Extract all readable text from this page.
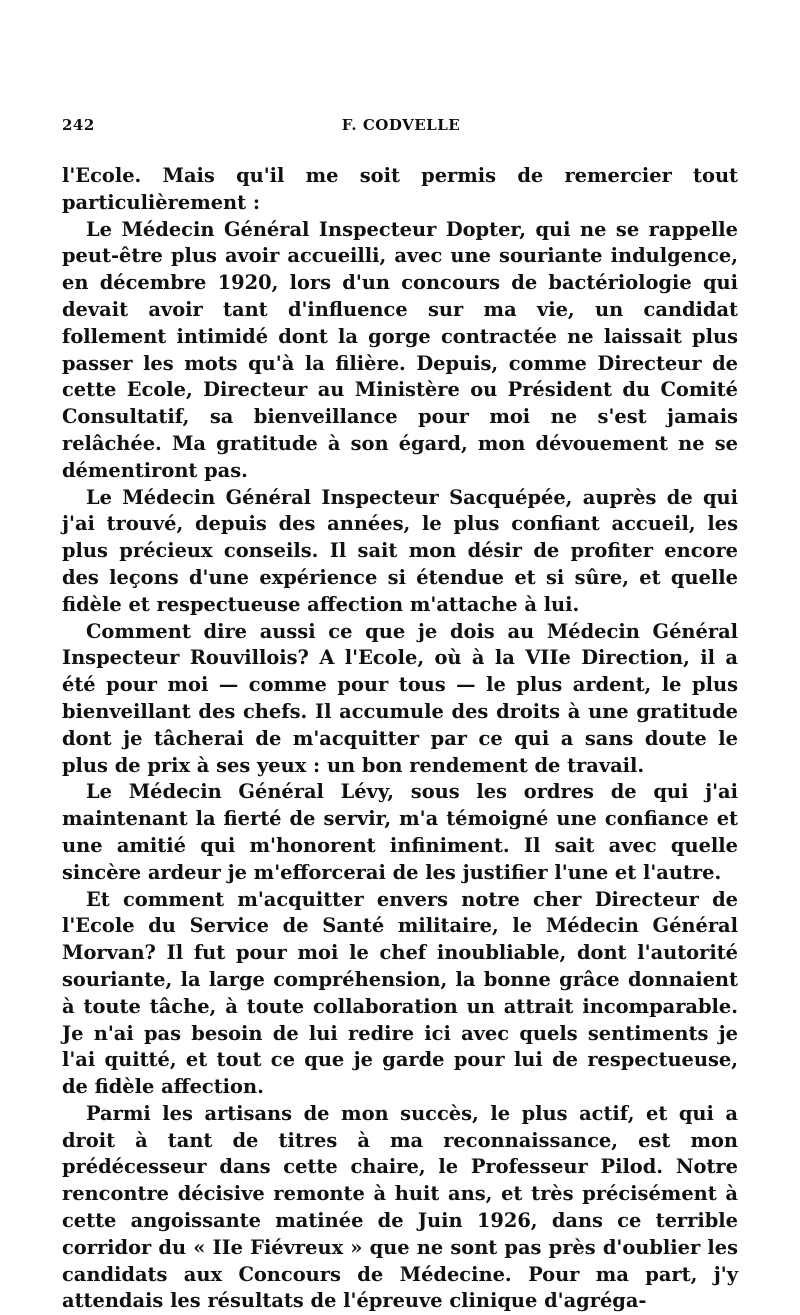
242	F. CODVELLE

l'Ecole. Mais qu'il me soit permis de remercier tout particulièrement :

Le Médecin Général Inspecteur Dopter, qui ne se rappelle peut-être plus avoir accueilli, avec une souriante indulgence, en décembre 1920, lors d'un concours de bactériologie qui devait avoir tant d'influence sur ma vie, un candidat follement intimidé dont la gorge contractée ne laissait plus passer les mots qu'à la filière. Depuis, comme Directeur de cette Ecole, Directeur au Ministère ou Président du Comité Consultatif, sa bienveillance pour moi ne s'est jamais relâchée. Ma gratitude à son égard, mon dévouement ne se démentiront pas.

Le Médecin Général Inspecteur Sacquépée, auprès de qui j'ai trouvé, depuis des années, le plus confiant accueil, les plus précieux conseils. Il sait mon désir de profiter encore des leçons d'une expérience si étendue et si sûre, et quelle fidèle et respectueuse affection m'attache à lui.

Comment dire aussi ce que je dois au Médecin Général Inspecteur Rouvillois? A l'Ecole, où à la VIIe Direction, il a été pour moi — comme pour tous — le plus ardent, le plus bienveillant des chefs. Il accumule des droits à une gratitude dont je tâcherai de m'acquitter par ce qui a sans doute le plus de prix à ses yeux : un bon rendement de travail.

Le Médecin Général Lévy, sous les ordres de qui j'ai maintenant la fierté de servir, m'a témoigné une confiance et une amitié qui m'honorent infiniment. Il sait avec quelle sincère ardeur je m'efforcerai de les justifier l'une et l'autre.

Et comment m'acquitter envers notre cher Directeur de l'Ecole du Service de Santé militaire, le Médecin Général Morvan? Il fut pour moi le chef inoubliable, dont l'autorité souriante, la large compréhension, la bonne grâce donnaient à toute tâche, à toute collaboration un attrait incomparable. Je n'ai pas besoin de lui redire ici avec quels sentiments je l'ai quitté, et tout ce que je garde pour lui de respectueuse, de fidèle affection.

Parmi les artisans de mon succès, le plus actif, et qui a droit à tant de titres à ma reconnaissance, est mon prédécesseur dans cette chaire, le Professeur Pilod. Notre rencontre décisive remonte à huit ans, et très précisément à cette angoissante matinée de Juin 1926, dans ce terrible corridor du « IIe Fiévreux » que ne sont pas près d'oublier les candidats aux Concours de Médecine. Pour ma part, j'y attendais les résultats de l'épreuve clinique d'agréga-
